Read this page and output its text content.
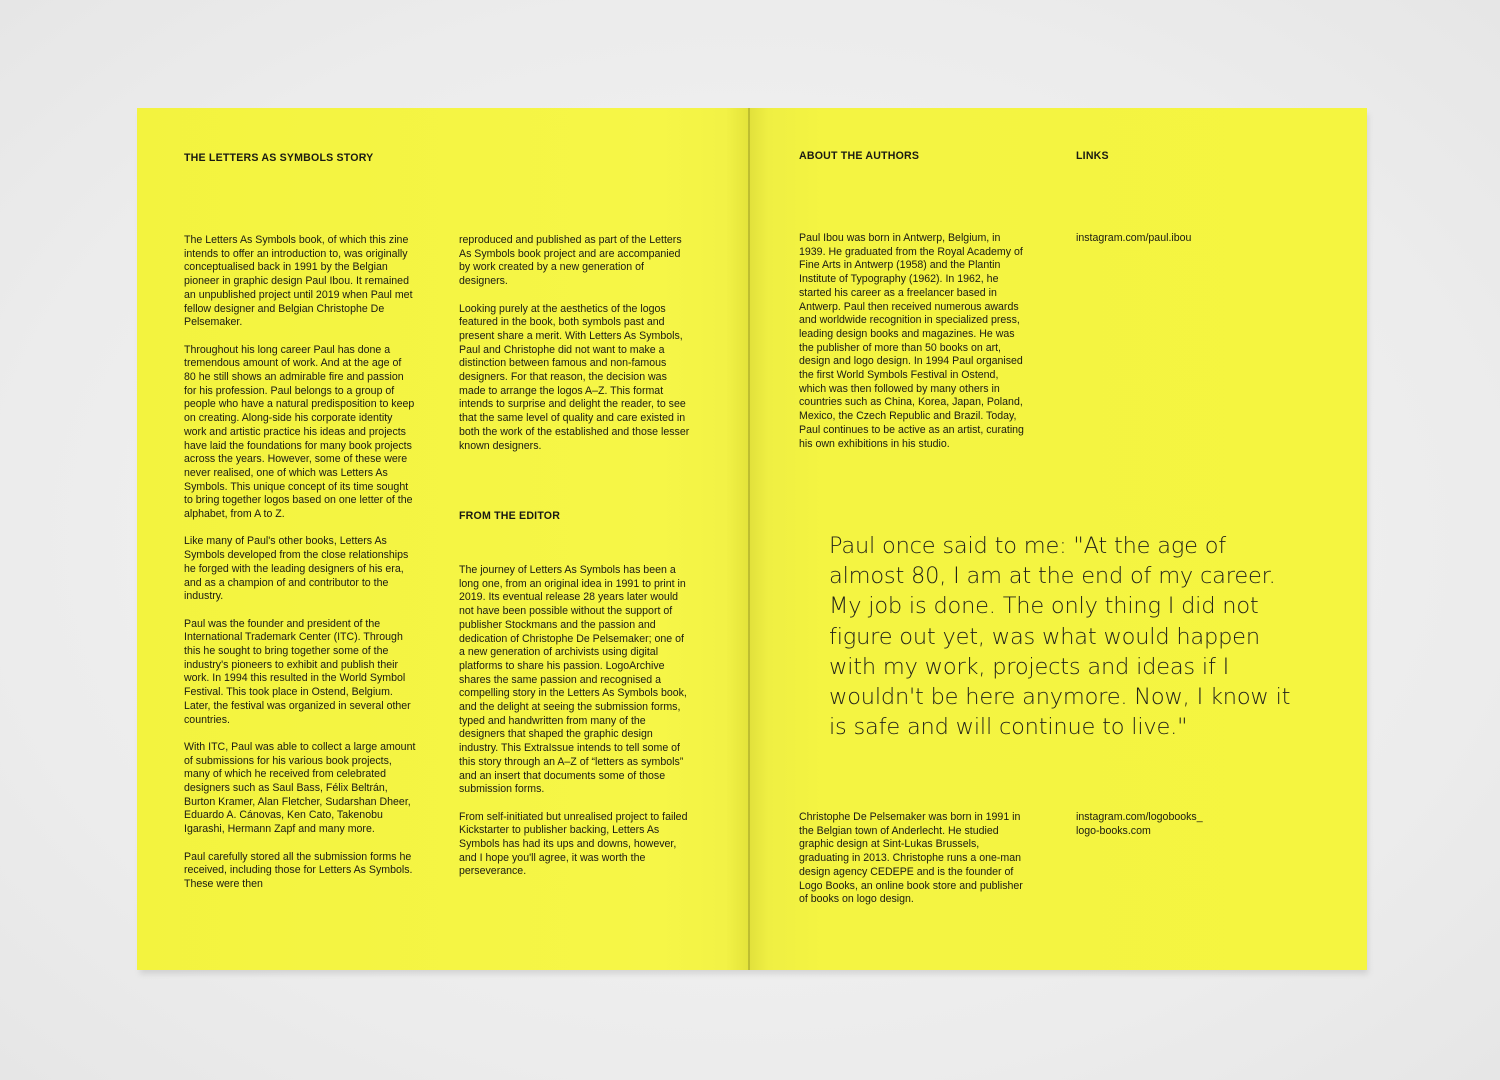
THE LETTERS AS SYMBOLS STORY

The Letters As Symbols book, of which this zine intends to offer an introduction to, was originally conceptualised back in 1991 by the Belgian pioneer in graphic design Paul Ibou. It remained an unpublished project until 2019 when Paul met fellow designer and Belgian Christophe De Pelsemaker.

Throughout his long career Paul has done a tremendous amount of work. And at the age of 80 he still shows an admirable fire and passion for his profession. Paul belongs to a group of people who have a natural predisposition to keep on creating. Along-side his corporate identity work and artistic practice his ideas and projects have laid the foundations for many book projects across the years. However, some of these were never realised, one of which was Letters As Symbols. This unique concept of its time sought to bring together logos based on one letter of the alphabet, from A to Z.

Like many of Paul's other books, Letters As Symbols developed from the close relationships he forged with the leading designers of his era, and as a champion of and contributor to the industry.

Paul was the founder and president of the International Trademark Center (ITC). Through this he sought to bring together some of the industry's pioneers to exhibit and publish their work. In 1994 this resulted in the World Symbol Festival. This took place in Ostend, Belgium. Later, the festival was organized in several other countries.

With ITC, Paul was able to collect a large amount of submissions for his various book projects, many of which he received from celebrated designers such as Saul Bass, Félix Beltrán, Burton Kramer, Alan Fletcher, Sudarshan Dheer, Eduardo A. Cánovas, Ken Cato, Takenobu Igarashi, Hermann Zapf and many more.

Paul carefully stored all the submission forms he received, including those for Letters As Symbols. These were then

reproduced and published as part of the Letters As Symbols book project and are accompanied by work created by a new generation of designers.

Looking purely at the aesthetics of the logos featured in the book, both symbols past and present share a merit. With Letters As Symbols, Paul and Christophe did not want to make a distinction between famous and non-famous designers. For that reason, the decision was made to arrange the logos A–Z. This format intends to surprise and delight the reader, to see that the same level of quality and care existed in both the work of the established and those lesser known designers.

FROM THE EDITOR

The journey of Letters As Symbols has been a long one, from an original idea in 1991 to print in 2019. Its eventual release 28 years later would not have been possible without the support of publisher Stockmans and the passion and dedication of Christophe De Pelsemaker; one of a new generation of archivists using digital platforms to share his passion. LogoArchive shares the same passion and recognised a compelling story in the Letters As Symbols book, and the delight at seeing the submission forms, typed and handwritten from many of the designers that shaped the graphic design industry. This ExtraIssue intends to tell some of this story through an A–Z of “letters as symbols” and an insert that documents some of those submission forms.

From self-initiated but unrealised project to failed Kickstarter to publisher backing, Letters As Symbols has had its ups and downs, however, and I hope you'll agree, it was worth the perseverance.

ABOUT THE AUTHORS	LINKS

Paul Ibou was born in Antwerp, Belgium, in 1939. He graduated from the Royal Academy of Fine Arts in Antwerp (1958) and the Plantin Institute of Typography (1962). In 1962, he started his career as a freelancer based in Antwerp. Paul then received numerous awards and worldwide recognition in specialized press, leading design books and magazines. He was the publisher of more than 50 books on art, design and logo design. In 1994 Paul organised the first World Symbols Festival in Ostend, which was then followed by many others in countries such as China, Korea, Japan, Poland, Mexico, the Czech Republic and Brazil. Today, Paul continues to be active as an artist, curating his own exhibitions in his studio.

instagram.com/paul.ibou
Paul once said to me: "At the age of almost 80, I am at the end of my career. My job is done. The only thing I did not figure out yet, was what would happen with my work, projects and ideas if I wouldn't be here anymore. Now, I know it is safe and will continue to live."

Christophe De Pelsemaker was born in 1991 in the Belgian town of Anderlecht. He studied graphic design at Sint-Lukas Brussels, graduating in 2013. Christophe runs a one-man design agency CEDEPE and is the founder of Logo Books, an online book store and publisher of books on logo design.

instagram.com/logobooks_
logo-books.com
